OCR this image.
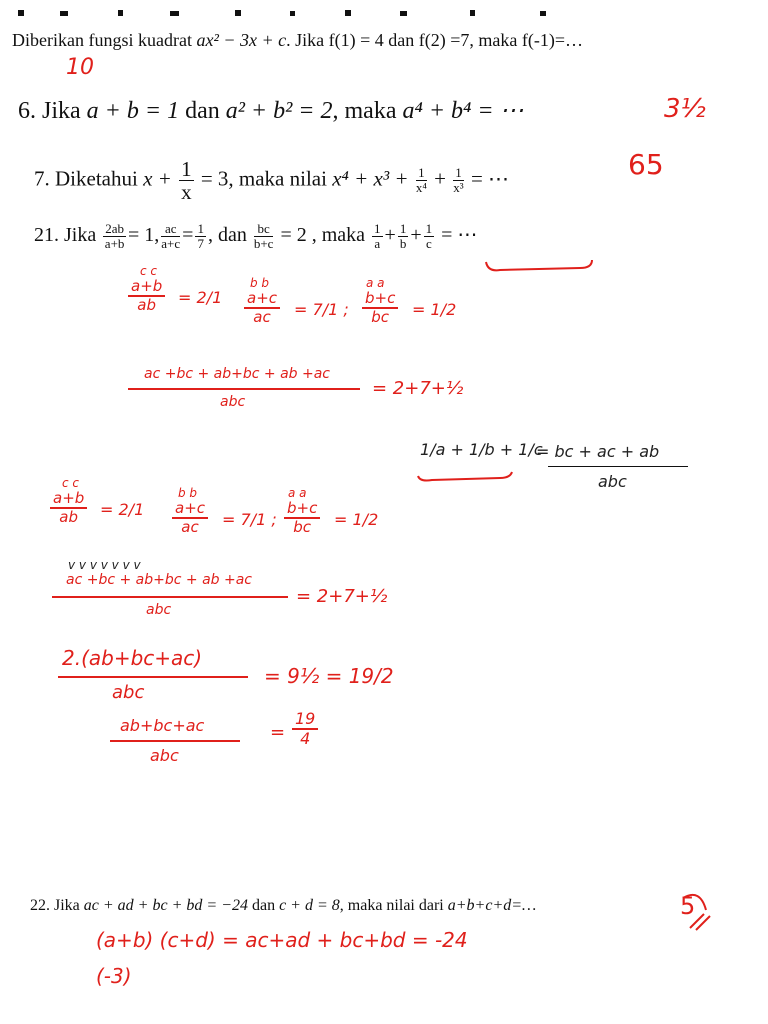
Diberikan fungsi kuadrat ax² − 3x + c. Jika f(1) = 4 dan f(2) =7, maka f(-1)=…
10
6. Jika a + b = 1 dan a² + b² = 2, maka a⁴ + b⁴ = ⋯	3½
7. Diketahui $x + \frac{1}{x} = 3$, maka nilai $x^4 + x^3 + \frac{1}{\text{x⁴}} + \frac{1}{\text{x³}}$ = ⋯	65
21. Jika $\frac{2ab}{a+b} = 1$, $\frac{ac}{a+c} = \frac{1}{7}$ , dan $\frac{bc}{b+c} = 2$ , maka $\frac{1}{a} + \frac{1}{b} + \frac{1}{c}$ = ⋯
c c
$\frac{a+b}{ab} = 2/1$
b b
$\frac{a+c}{ac} = 7/1$ ;
a a
$\frac{b+c}{bc} = 1/2$
ac +bc + ab+bc + ab +ac
abc
= 2+7+½
1/a + 1/b + 1/c
= bc + ac + ab
abc
c c
$\frac{a+b}{ab} = 2/1$
b b
$\frac{a+c}{ac} = 7/1$ ;
a a
$\frac{b+c}{bc} = 1/2$
v v v v v v v
ac +bc + ab+bc + ab +ac
abc
= 2+7+½
2.(ab+bc+ac)
abc
= 9½ = 19/2
ab+bc+ac
abc
= $\frac{19}{4}$
22. Jika ac + ad + bc + bd = −24 dan c + d = 8, maka nilai dari a+b+c+d=…	5
(a+b) (c+d) = ac+ad + bc+bd = -24
(-3)
